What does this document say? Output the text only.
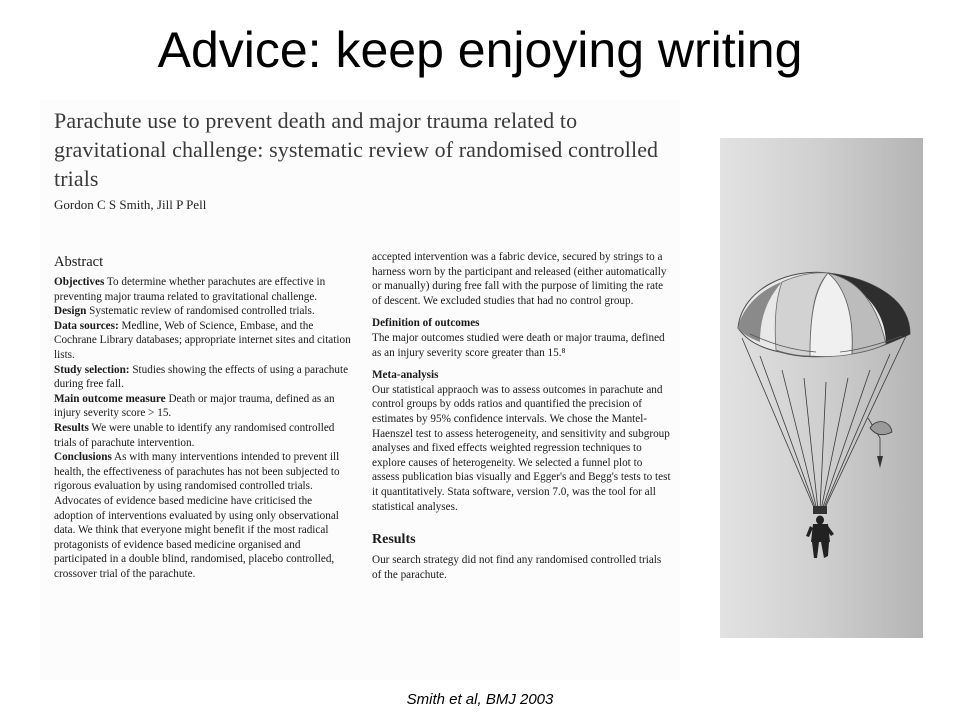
Advice: keep enjoying writing
Parachute use to prevent death and major trauma related to gravitational challenge: systematic review of randomised controlled trials
Gordon C S Smith, Jill P Pell
Abstract

Objectives To determine whether parachutes are effective in preventing major trauma related to gravitational challenge.

Design Systematic review of randomised controlled trials.

Data sources: Medline, Web of Science, Embase, and the Cochrane Library databases; appropriate internet sites and citation lists.

Study selection: Studies showing the effects of using a parachute during free fall.

Main outcome measure Death or major trauma, defined as an injury severity score > 15.

Results We were unable to identify any randomised controlled trials of parachute intervention.

Conclusions As with many interventions intended to prevent ill health, the effectiveness of parachutes has not been subjected to rigorous evaluation by using randomised controlled trials. Advocates of evidence based medicine have criticised the adoption of interventions evaluated by using only observational data. We think that everyone might benefit if the most radical protagonists of evidence based medicine organised and participated in a double blind, randomised, placebo controlled, crossover trial of the parachute.

accepted intervention was a fabric device, secured by strings to a harness worn by the participant and released (either automatically or manually) during free fall with the purpose of limiting the rate of descent. We excluded studies that had no control group.

Definition of outcomes

The major outcomes studied were death or major trauma, defined as an injury severity score greater than 15.⁸

Meta-analysis

Our statistical appraoch was to assess outcomes in parachute and control groups by odds ratios and quantified the precision of estimates by 95% confidence intervals. We chose the Mantel-Haenszel test to assess heterogeneity, and sensitivity and subgroup analyses and fixed effects weighted regression techniques to explore causes of heterogeneity. We selected a funnel plot to assess publication bias visually and Egger's and Begg's tests to test it quantitatively. Stata software, version 7.0, was the tool for all statistical analyses.

Results

Our search strategy did not find any randomised controlled trials of the parachute.

Smith et al, BMJ 2003
